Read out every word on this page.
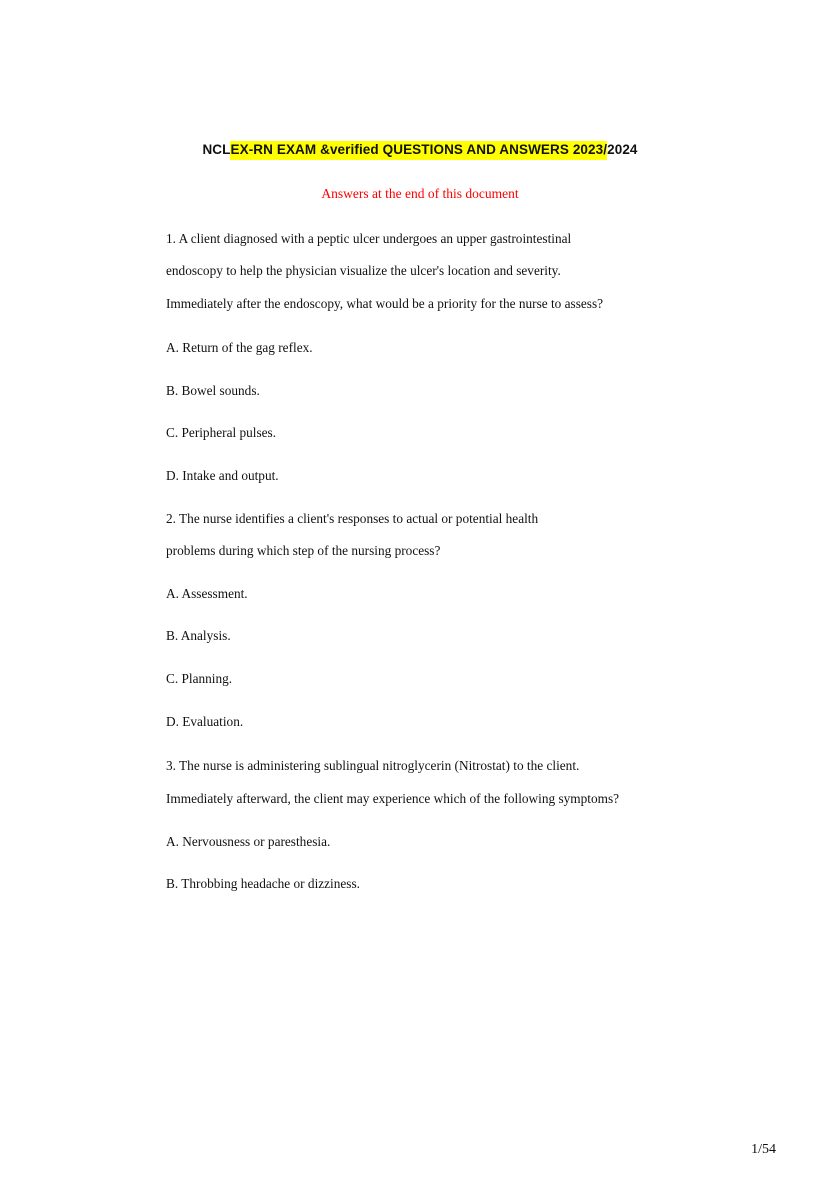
NCLEX-RN EXAM &verified QUESTIONS AND ANSWERS 2023/2024
Answers at the end of this document
1. A client diagnosed with a peptic ulcer undergoes an upper gastrointestinal
endoscopy to help the physician visualize the ulcer's location and severity.
Immediately after the endoscopy, what would be a priority for the nurse to assess?
A. Return of the gag reflex.
B. Bowel sounds.
C. Peripheral pulses.
D. Intake and output.
2. The nurse identifies a client's responses to actual or potential health
problems during which step of the nursing process?
A. Assessment.
B. Analysis.
C. Planning.
D. Evaluation.
3. The nurse is administering sublingual nitroglycerin (Nitrostat) to the client.
Immediately afterward, the client may experience which of the following symptoms?
A. Nervousness or paresthesia.
B. Throbbing headache or dizziness.
1/54
